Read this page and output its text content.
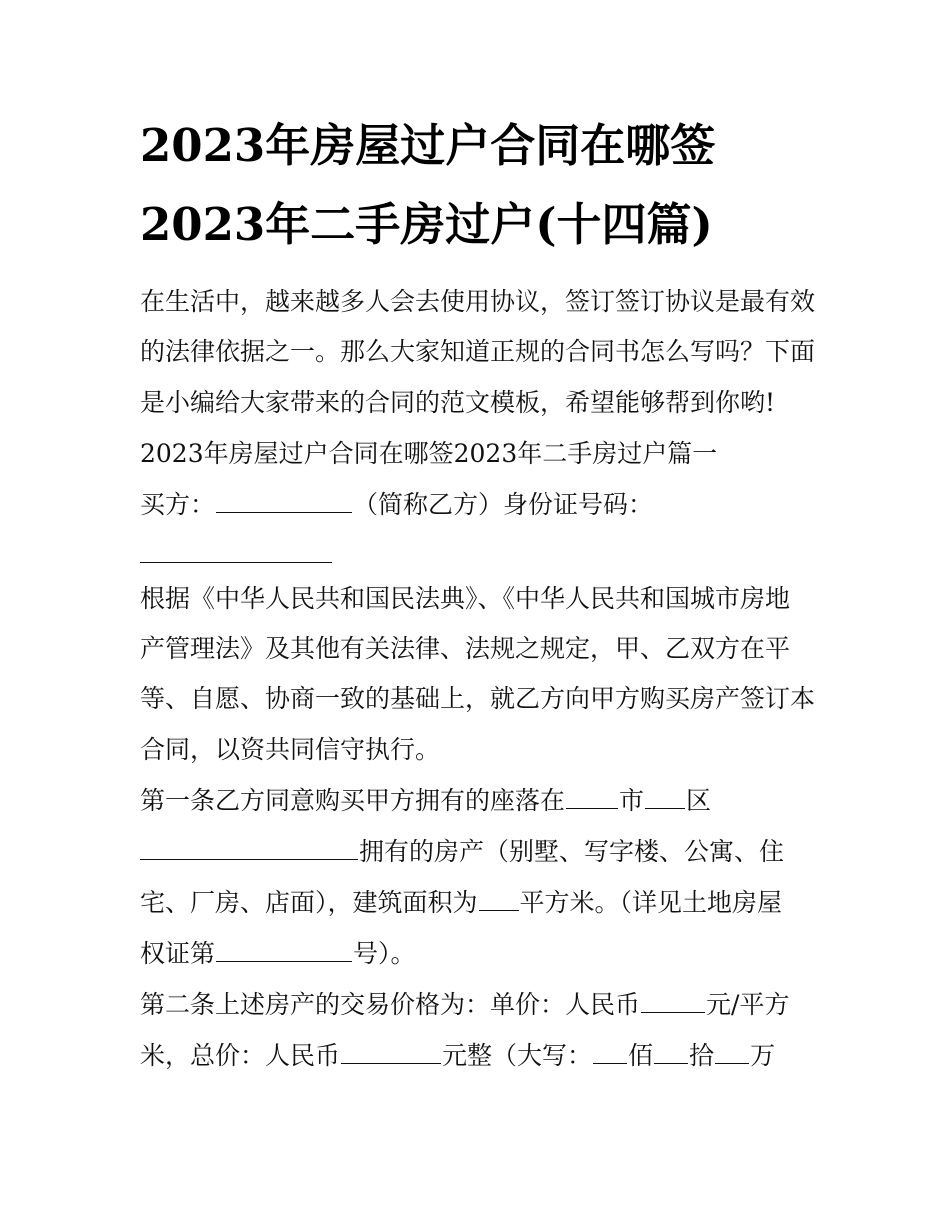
2023年房屋过户合同在哪签
2023年二手房过户(十四篇)

在生活中，越来越多人会去使用协议，签订签订协议是最有效

的法律依据之一。那么大家知道正规的合同书怎么写吗？下面

是小编给大家带来的合同的范文模板，希望能够帮到你哟!

2023年房屋过户合同在哪签2023年二手房过户篇一

买方：	（简称乙方）身份证号码：

根据《中华人民共和国民法典》、《中华人民共和国城市房地

产管理法》及其他有关法律、法规之规定，甲、乙双方在平

等、自愿、协商一致的基础上，就乙方向甲方购买房产签订本

合同，以资共同信守执行。

第一条乙方同意购买甲方拥有的座落在 市 区

拥有的房产（别墅、写字楼、公寓、住

宅、厂房、店面），建筑面积为 平方米。（详见土地房屋

权证第	号）。

第二条上述房产的交易价格为：单价：人民币	元/平方

米，总价：人民币	元整（大写： 佰 拾 万
